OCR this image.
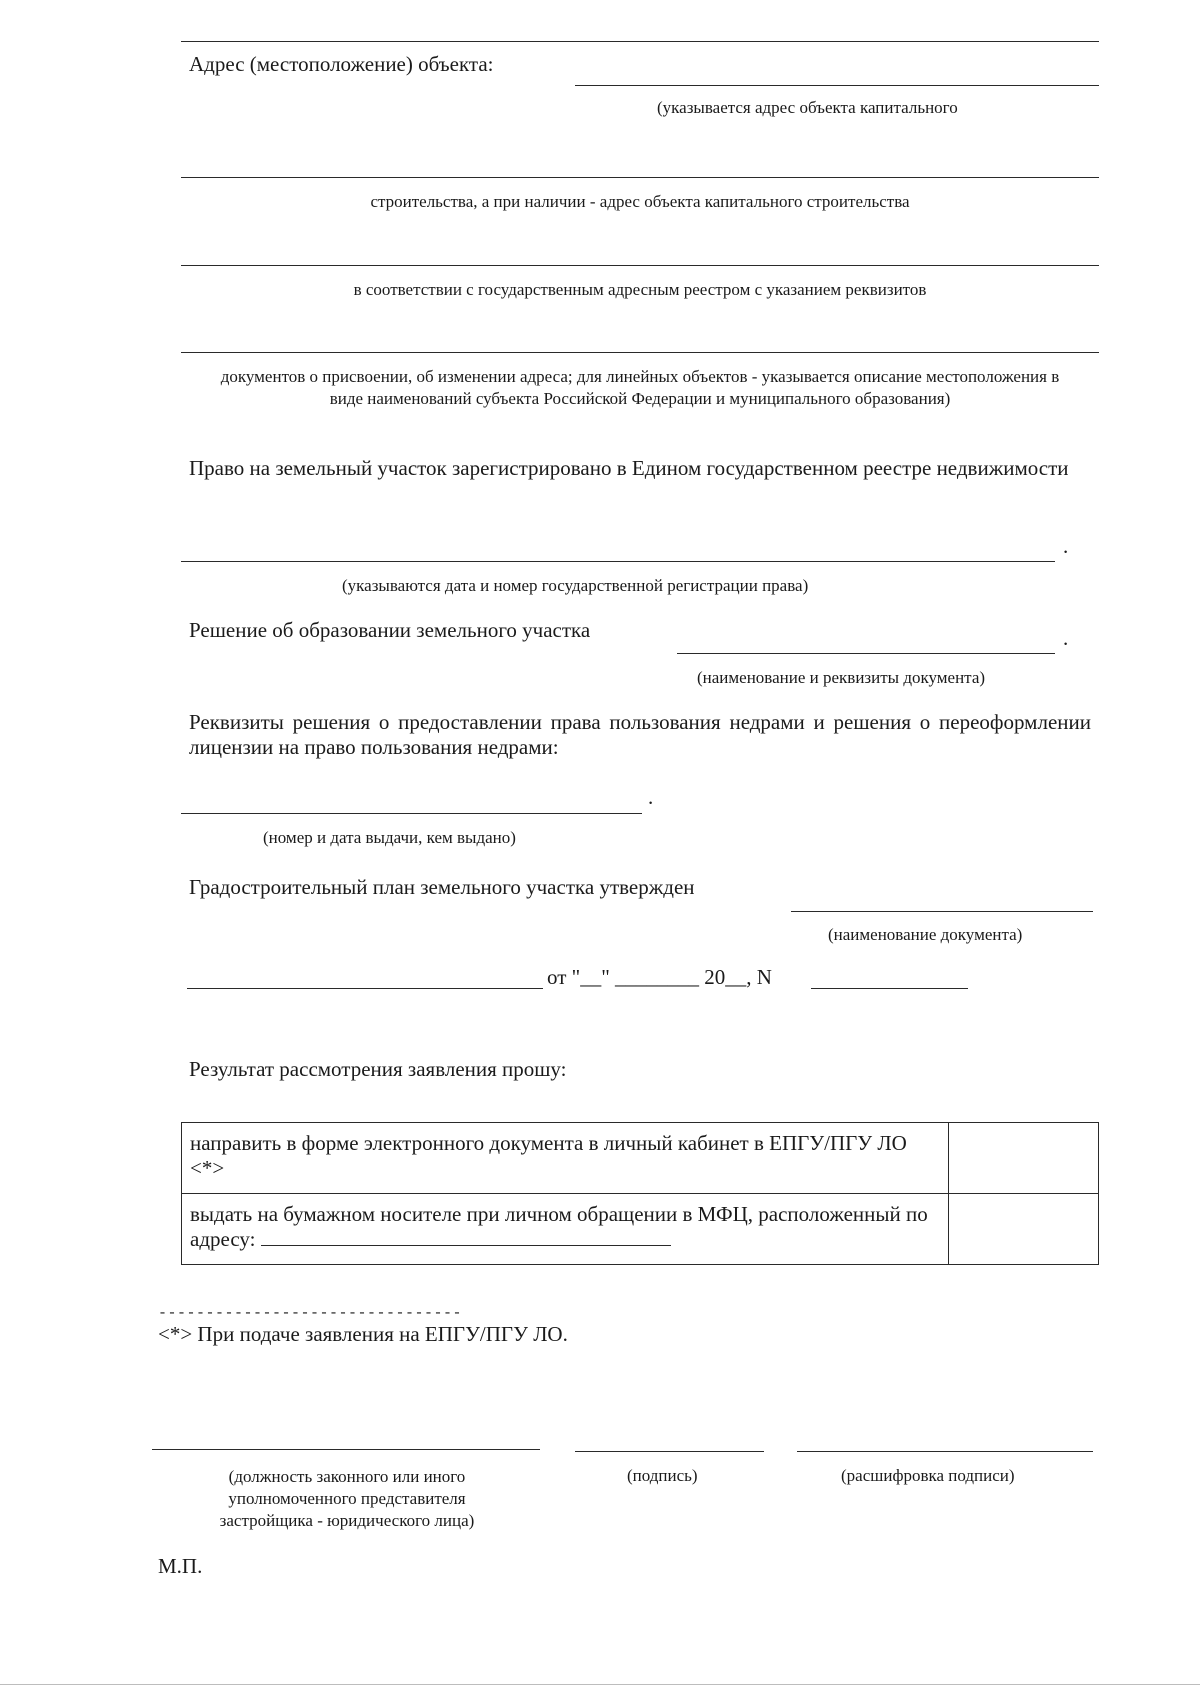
Адрес (местоположение) объекта:
(указывается адрес объекта капитального
строительства, а при наличии - адрес объекта капитального строительства
в соответствии с государственным адресным реестром с указанием реквизитов
документов о присвоении, об изменении адреса; для линейных объектов - указывается описание местоположения в виде наименований субъекта Российской Федерации и муниципального образования)
Право на земельный участок зарегистрировано в Едином государственном реестре недвижимости
.
(указываются дата и номер государственной регистрации права)
Решение об образовании земельного участка	.
(наименование и реквизиты документа)
Реквизиты решения о предоставлении права пользования недрами и решения о переоформлении лицензии на право пользования недрами:
.
(номер и дата выдачи, кем выдано)
Градостроительный план земельного участка утвержден
(наименование документа)
от "__" ________ 20__, N
Результат рассмотрения заявления прошу:
направить в форме электронного документа в личный кабинет в ЕПГУ/ПГУ ЛО <*>	
выдать на бумажном носителе при личном обращении в МФЦ, расположенный по адресу:	
--------------------------------
<*> При подаче заявления на ЕПГУ/ПГУ ЛО.
(должность законного или иного уполномоченного представителя застройщика - юридического лица)
(подпись)	(расшифровка подписи)
М.П.
